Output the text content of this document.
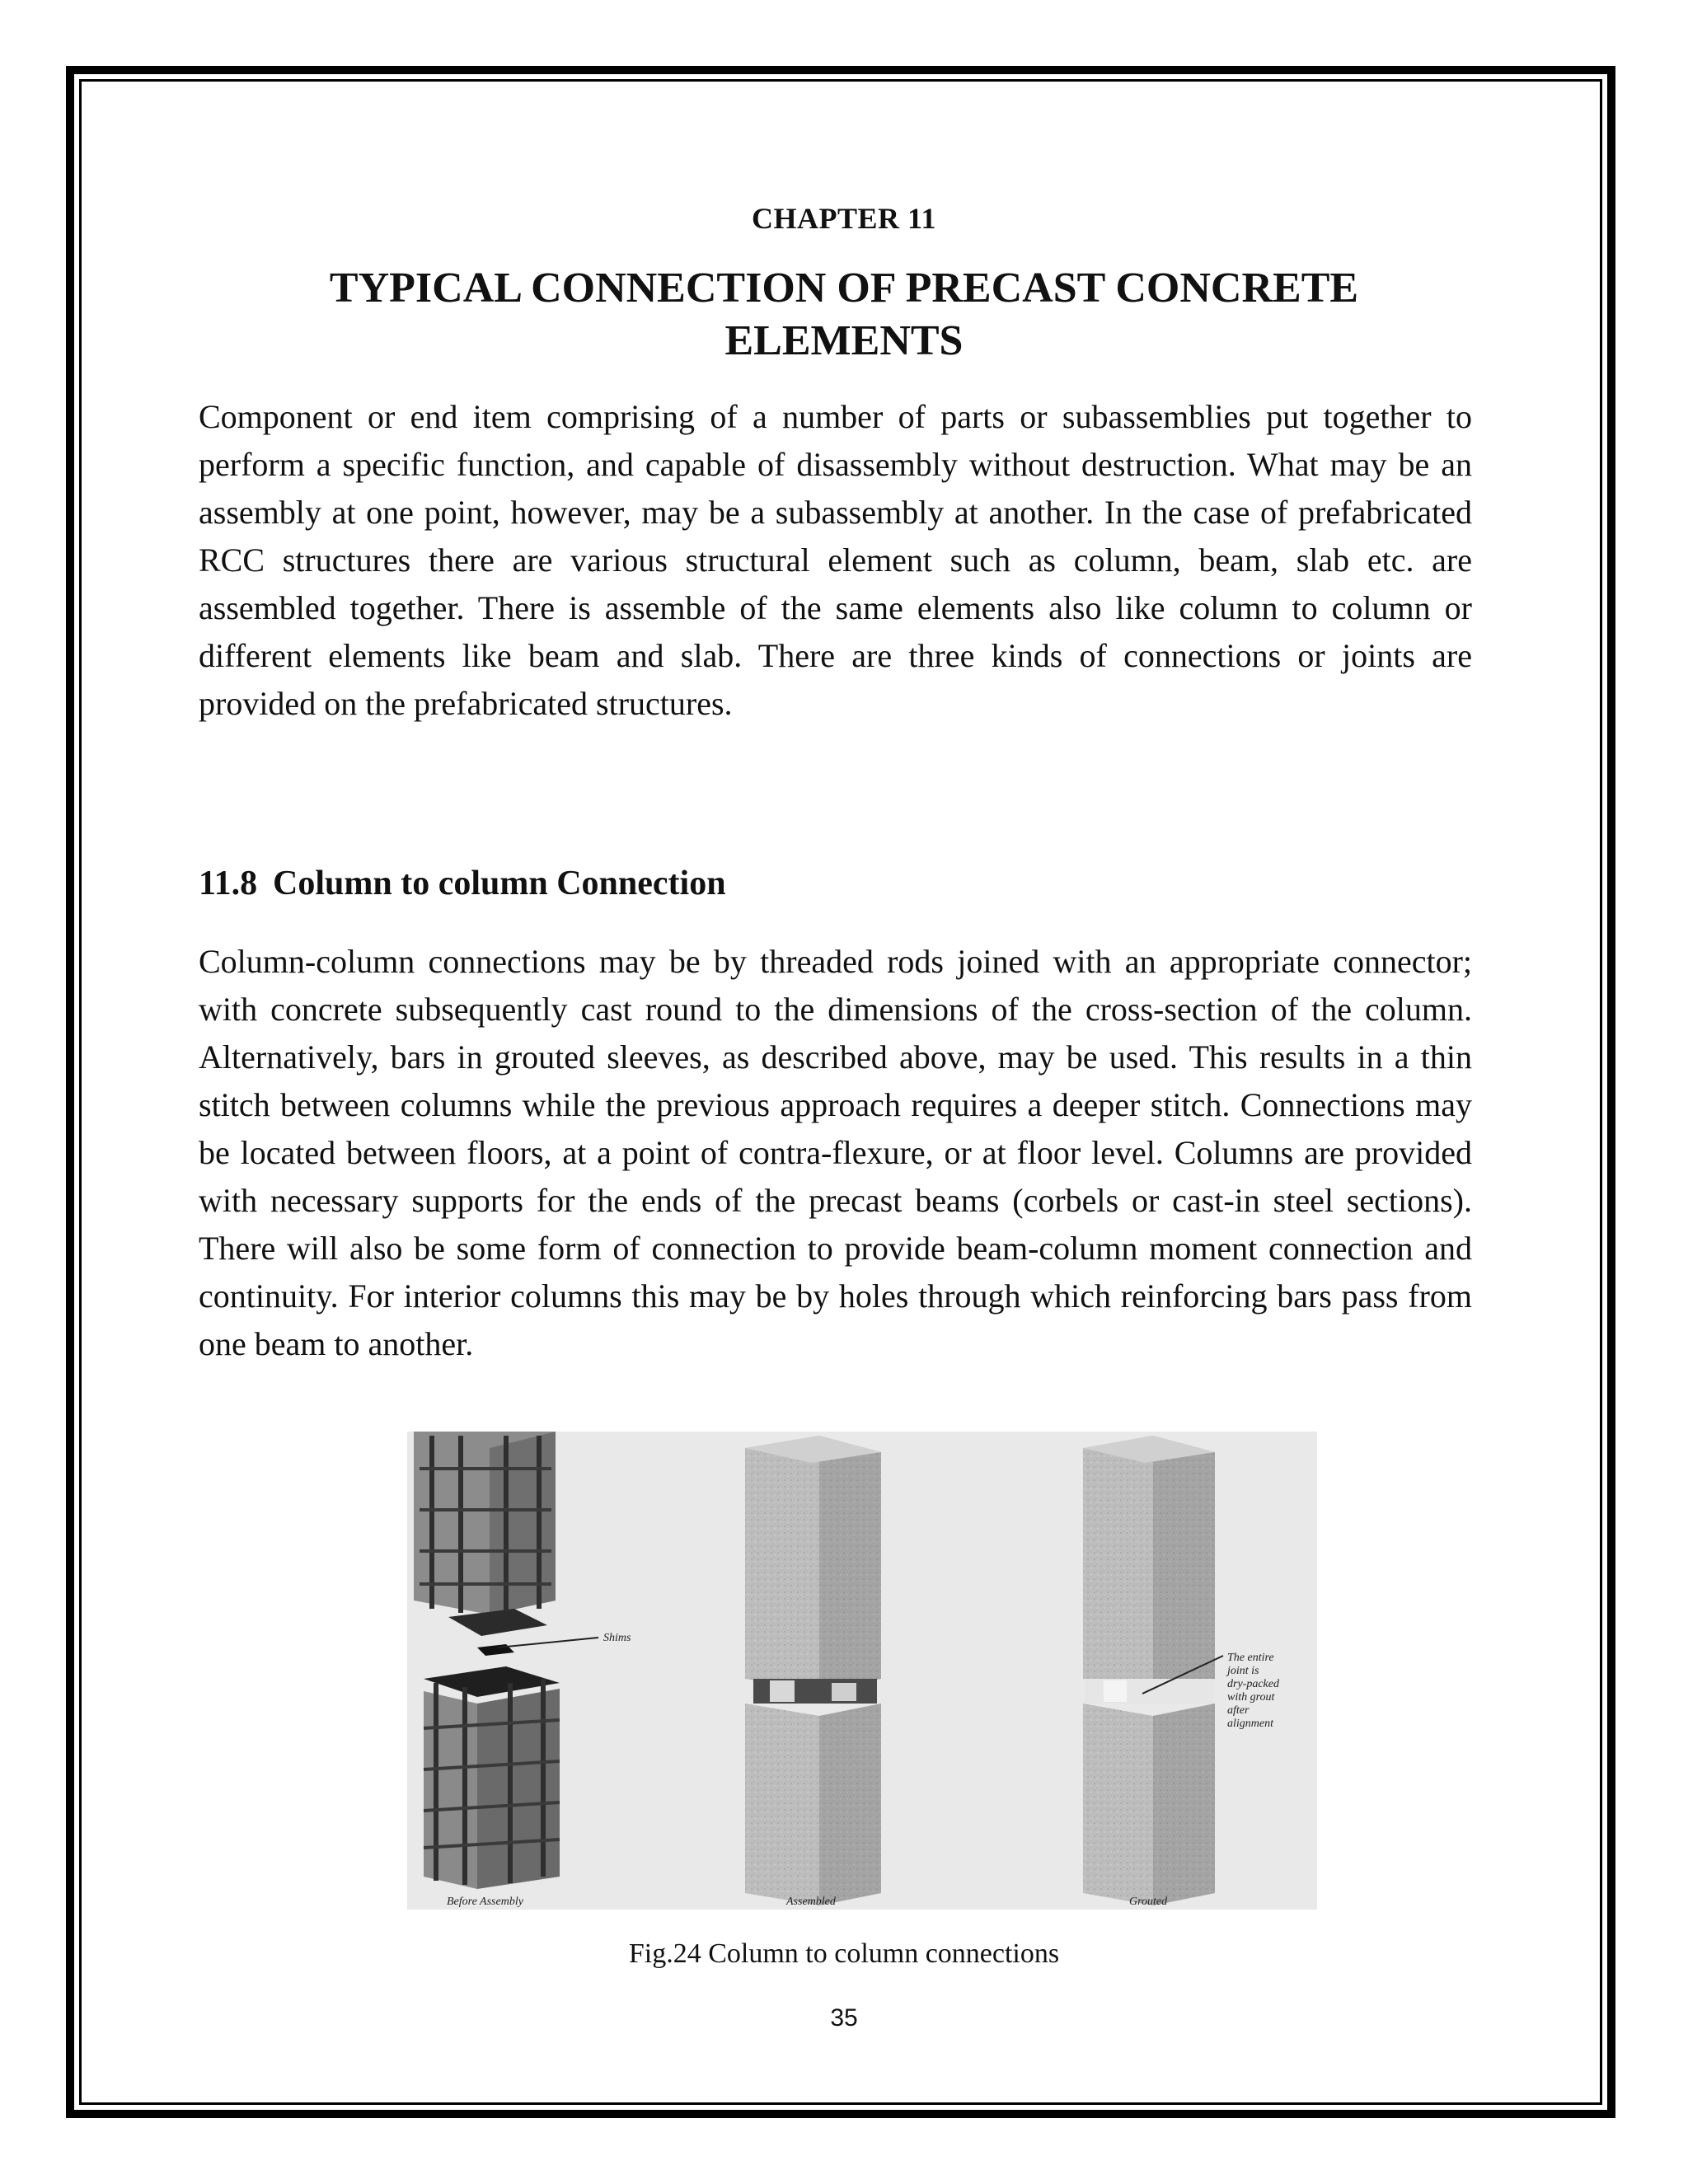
CHAPTER 11
TYPICAL CONNECTION OF PRECAST CONCRETE ELEMENTS

Component or end item comprising of a number of parts or subassemblies put together to perform a specific function, and capable of disassembly without destruction. What may be an assembly at one point, however, may be a subassembly at another. In the case of prefabricated RCC structures there are various structural element such as column, beam, slab etc. are assembled together. There is assemble of the same elements also like column to column or different elements like beam and slab. There are three kinds of connections or joints are provided on the prefabricated structures.

11.8 Column to column Connection

Column-column connections may be by threaded rods joined with an appropriate connector; with concrete subsequently cast round to the dimensions of the cross-section of the column. Alternatively, bars in grouted sleeves, as described above, may be used. This results in a thin stitch between columns while the previous approach requires a deeper stitch. Connections may be located between floors, at a point of contra-flexure, or at floor level. Columns are provided with necessary supports for the ends of the precast beams (corbels or cast-in steel sections). There will also be some form of connection to provide beam-column moment connection and continuity. For interior columns this may be by holes through which reinforcing bars pass from one beam to another.

Shims
The entire
joint is
dry-packed
with grout
after
alignment
Before Assembly	Assembled	Grouted
Fig.24 Column to column connections
35
